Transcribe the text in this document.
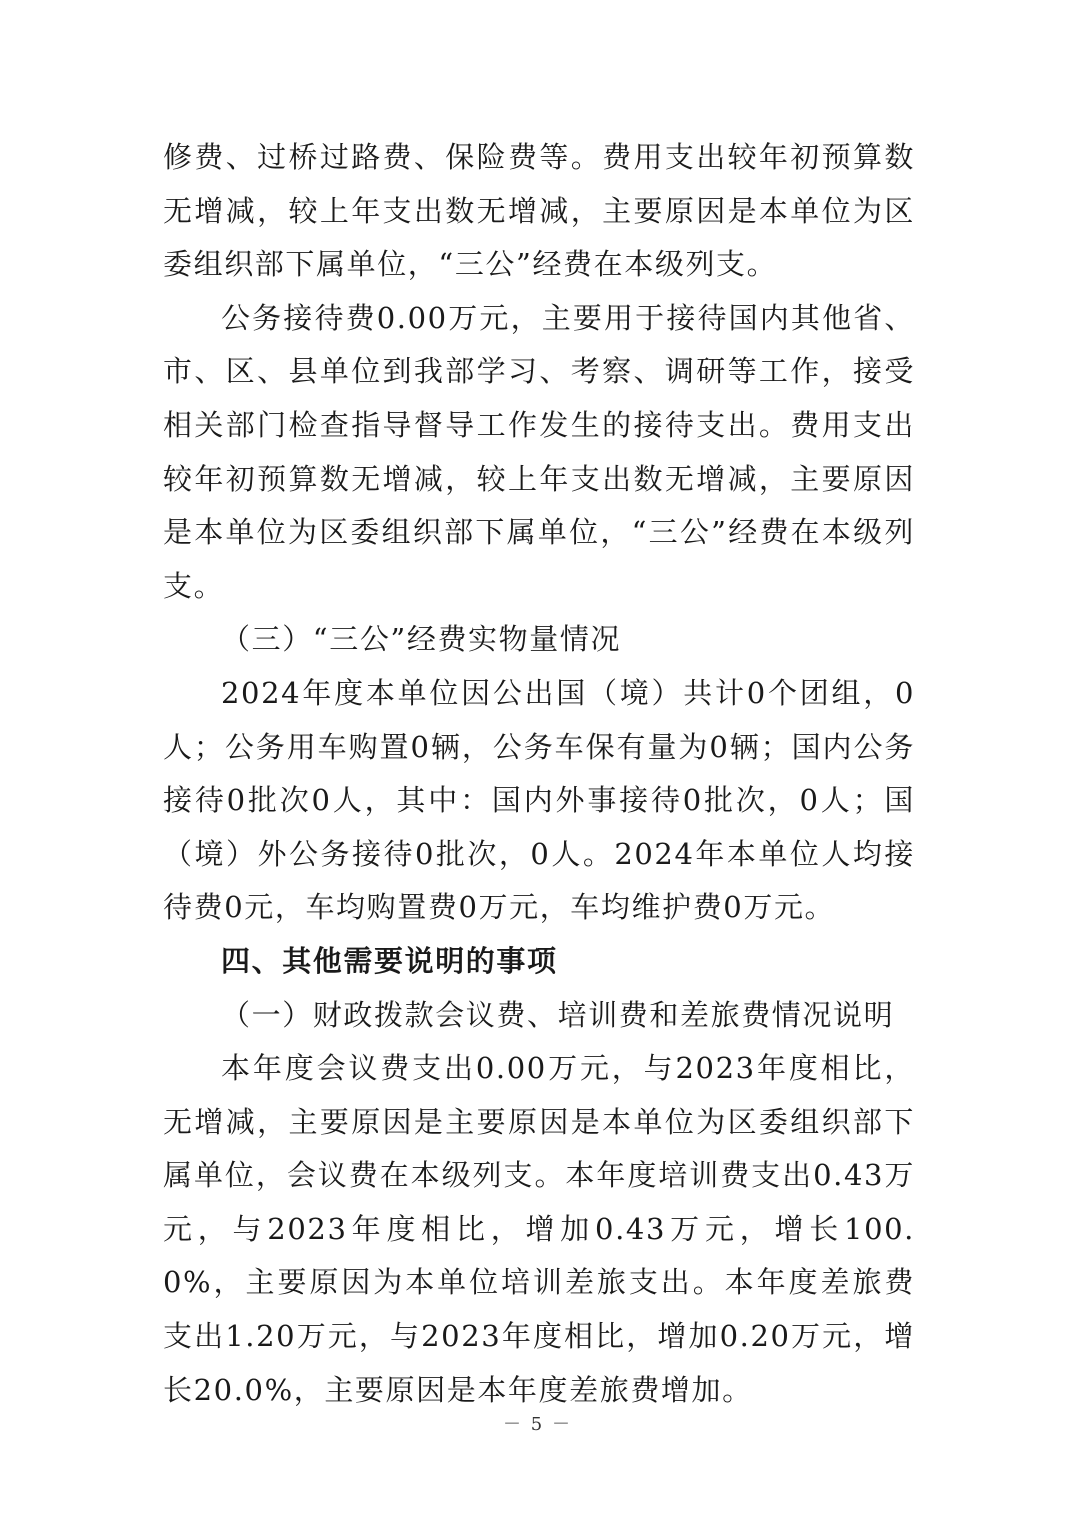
修费、过桥过路费、保险费等。费用支出较年初预算数无增减，较上年支出数无增减，主要原因是本单位为区委组织部下属单位，“三公”经费在本级列支。

公务接待费0.00万元，主要用于接待国内其他省、市、区、县单位到我部学习、考察、调研等工作，接受相关部门检查指导督导工作发生的接待支出。费用支出较年初预算数无增减，较上年支出数无增减，主要原因是本单位为区委组织部下属单位，“三公”经费在本级列支。

（三）“三公”经费实物量情况

2024年度本单位因公出国（境）共计0个团组，0人；公务用车购置0辆，公务车保有量为0辆；国内公务接待0批次0人，其中：国内外事接待0批次，0人；国（境）外公务接待0批次，0人。2024年本单位人均接待费0元，车均购置费0万元，车均维护费0万元。

四、其他需要说明的事项

（一）财政拨款会议费、培训费和差旅费情况说明

本年度会议费支出0.00万元，与2023年度相比，无增减，主要原因是主要原因是本单位为区委组织部下属单位，会议费在本级列支。本年度培训费支出0.43万元，与2023年度相比，增加0.43万元，增长100.0%，主要原因为本单位培训差旅支出。本年度差旅费支出1.20万元，与2023年度相比，增加0.20万元，增长20.0%，主要原因是本年度差旅费增加。

－ 5 －
